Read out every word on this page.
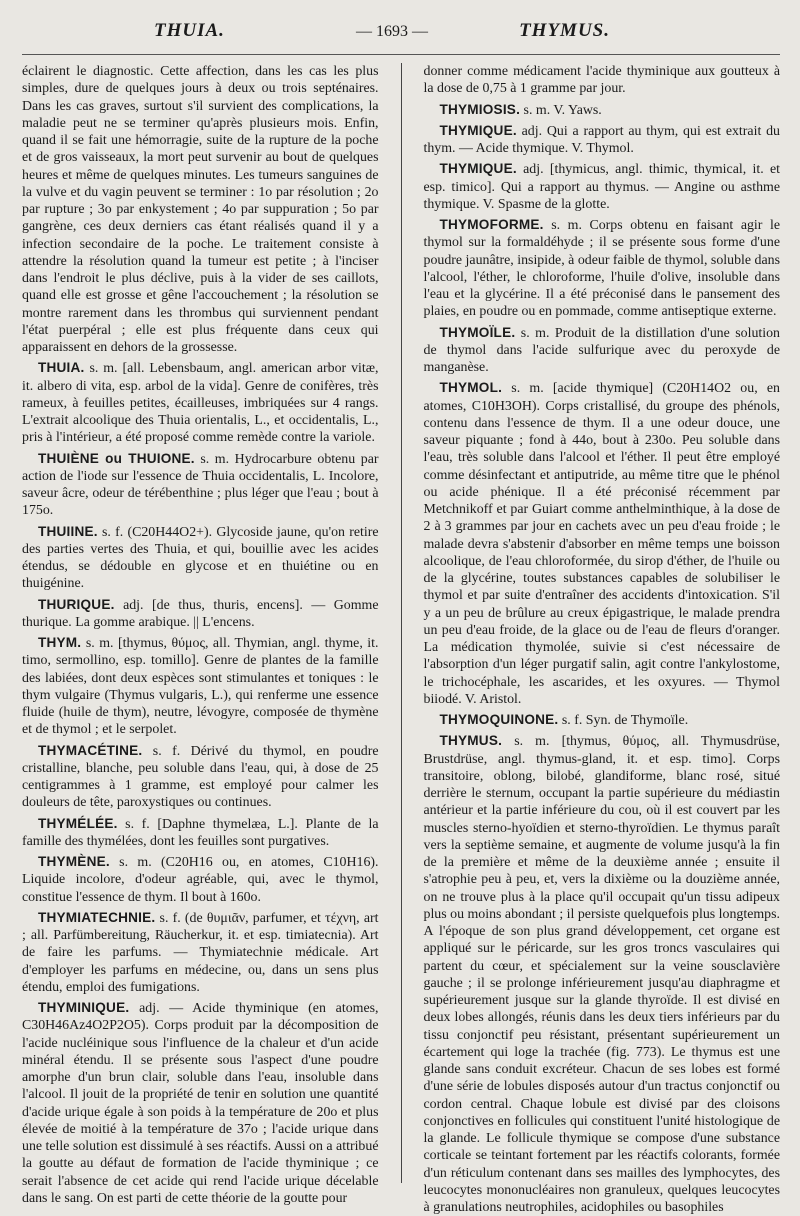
THUIA.	— 1693 —	THYMUS.

éclairent le diagnostic. Cette affection, dans les cas les plus simples, dure de quelques jours à deux ou trois septénaires. Dans les cas graves, surtout s'il survient des complications, la maladie peut ne se terminer qu'après plusieurs mois. Enfin, quand il se fait une hémorragie, suite de la rupture de la poche et de gros vaisseaux, la mort peut survenir au bout de quelques heures et même de quelques minutes. Les tumeurs sanguines de la vulve et du vagin peuvent se terminer : 1o par résolution ; 2o par rupture ; 3o par enkystement ; 4o par suppuration ; 5o par gangrène, ces deux derniers cas étant réalisés quand il y a infection secondaire de la poche. Le traitement consiste à attendre la résolution quand la tumeur est petite ; à l'inciser dans l'endroit le plus déclive, puis à la vider de ses caillots, quand elle est grosse et gêne l'accouchement ; la résolution se montre rarement dans les thrombus qui surviennent pendant l'état puerpéral ; elle est plus fréquente dans ceux qui apparaissent en dehors de la grossesse.

THUIA. s. m. [all. Lebensbaum, angl. american arbor vitæ, it. albero di vita, esp. arbol de la vida]. Genre de conifères, très rameux, à feuilles petites, écailleuses, imbriquées sur 4 rangs. L'extrait alcoolique des Thuia orientalis, L., et occidentalis, L., pris à l'intérieur, a été proposé comme remède contre la variole.

THUIÈNE ou THUIONE. s. m. Hydrocarbure obtenu par action de l'iode sur l'essence de Thuia occidentalis, L. Incolore, saveur âcre, odeur de térébenthine ; plus léger que l'eau ; bout à 175o.

THUIINE. s. f. (C20H44O2+). Glycoside jaune, qu'on retire des parties vertes des Thuia, et qui, bouillie avec les acides étendus, se dédouble en glycose et en thuiétine ou en thuigénine.

THURIQUE. adj. [de thus, thuris, encens]. — Gomme thurique. La gomme arabique. || L'encens.

THYM. s. m. [thymus, θύμος, all. Thymian, angl. thyme, it. timo, sermollino, esp. tomillo]. Genre de plantes de la famille des labiées, dont deux espèces sont stimulantes et toniques : le thym vulgaire (Thymus vulgaris, L.), qui renferme une essence fluide (huile de thym), neutre, lévogyre, composée de thymène et de thymol ; et le serpolet.

THYMACÉTINE. s. f. Dérivé du thymol, en poudre cristalline, blanche, peu soluble dans l'eau, qui, à dose de 25 centigrammes à 1 gramme, est employé pour calmer les douleurs de tête, paroxystiques ou continues.

THYMÉLÉE. s. f. [Daphne thymelæa, L.]. Plante de la famille des thymélées, dont les feuilles sont purgatives.

THYMÈNE. s. m. (C20H16 ou, en atomes, C10H16). Liquide incolore, d'odeur agréable, qui, avec le thymol, constitue l'essence de thym. Il bout à 160o.

THYMIATECHNIE. s. f. (de θυμιᾶν, parfumer, et τέχνη, art ; all. Parfümbereitung, Räucherkur, it. et esp. timiatecnia). Art de faire les parfums. — Thymiatechnie médicale. Art d'employer les parfums en médecine, ou, dans un sens plus étendu, emploi des fumigations.

THYMINIQUE. adj. — Acide thyminique (en atomes, C30H46Az4O2P2O5). Corps produit par la décomposition de l'acide nucléinique sous l'influence de la chaleur et d'un acide minéral étendu. Il se présente sous l'aspect d'une poudre amorphe d'un brun clair, soluble dans l'eau, insoluble dans l'alcool. Il jouit de la propriété de tenir en solution une quantité d'acide urique égale à son poids à la température de 20o et plus élevée de moitié à la température de 37o ; l'acide urique dans une telle solution est dissimulé à ses réactifs. Aussi on a attribué la goutte au défaut de formation de l'acide thyminique ; ce serait l'absence de cet acide qui rend l'acide urique décelable dans le sang. On est parti de cette théorie de la goutte pour

donner comme médicament l'acide thyminique aux goutteux à la dose de 0,75 à 1 gramme par jour.

THYMIOSIS. s. m. V. Yaws.

THYMIQUE. adj. Qui a rapport au thym, qui est extrait du thym. — Acide thymique. V. Thymol.

THYMIQUE. adj. [thymicus, angl. thimic, thymical, it. et esp. timico]. Qui a rapport au thymus. — Angine ou asthme thymique. V. Spasme de la glotte.

THYMOFORME. s. m. Corps obtenu en faisant agir le thymol sur la formaldéhyde ; il se présente sous forme d'une poudre jaunâtre, insipide, à odeur faible de thymol, soluble dans l'alcool, l'éther, le chloroforme, l'huile d'olive, insoluble dans l'eau et la glycérine. Il a été préconisé dans le pansement des plaies, en poudre ou en pommade, comme antiseptique externe.

THYMOÏLE. s. m. Produit de la distillation d'une solution de thymol dans l'acide sulfurique avec du peroxyde de manganèse.

THYMOL. s. m. [acide thymique] (C20H14O2 ou, en atomes, C10H3OH). Corps cristallisé, du groupe des phénols, contenu dans l'essence de thym. Il a une odeur douce, une saveur piquante ; fond à 44o, bout à 230o. Peu soluble dans l'eau, très soluble dans l'alcool et l'éther. Il peut être employé comme désinfectant et antiputride, au même titre que le phénol ou acide phénique. Il a été préconisé récemment par Metchnikoff et par Guiart comme anthelminthique, à la dose de 2 à 3 grammes par jour en cachets avec un peu d'eau froide ; le malade devra s'abstenir d'absorber en même temps une boisson alcoolique, de l'eau chloroformée, du sirop d'éther, de l'huile ou de la glycérine, toutes substances capables de solubiliser le thymol et par suite d'entraîner des accidents d'intoxication. S'il y a un peu de brûlure au creux épigastrique, le malade prendra un peu d'eau froide, de la glace ou de l'eau de fleurs d'oranger. La médication thymolée, suivie si c'est nécessaire de l'absorption d'un léger purgatif salin, agit contre l'ankylostome, le trichocéphale, les ascarides, et les oxyures. — Thymol biiodé. V. Aristol.

THYMOQUINONE. s. f. Syn. de Thymoïle.

THYMUS. s. m. [thymus, θύμος, all. Thymusdrüse, Brustdrüse, angl. thymus-gland, it. et esp. timo]. Corps transitoire, oblong, bilobé, glandiforme, blanc rosé, situé derrière le sternum, occupant la partie supérieure du médiastin antérieur et la partie inférieure du cou, où il est couvert par les muscles sterno-hyoïdien et sterno-thyroïdien. Le thymus paraît vers la septième semaine, et augmente de volume jusqu'à la fin de la première et même de la deuxième année ; ensuite il s'atrophie peu à peu, et, vers la dixième ou la douzième année, on ne trouve plus à la place qu'il occupait qu'un tissu adipeux plus ou moins abondant ; il persiste quelquefois plus longtemps. A l'époque de son plus grand développement, cet organe est appliqué sur le péricarde, sur les gros troncs vasculaires qui partent du cœur, et spécialement sur la veine sousclavière gauche ; il se prolonge inférieurement jusqu'au diaphragme et supérieurement jusque sur la glande thyroïde. Il est divisé en deux lobes allongés, réunis dans les deux tiers inférieurs par du tissu conjonctif peu résistant, présentant supérieurement un écartement qui loge la trachée (fig. 773). Le thymus est une glande sans conduit excréteur. Chacun de ses lobes est formé d'une série de lobules disposés autour d'un tractus conjonctif ou cordon central. Chaque lobule est divisé par des cloisons conjonctives en follicules qui constituent l'unité histologique de la glande. Le follicule thymique se compose d'une substance corticale se teintant fortement par les réactifs colorants, formée d'un réticulum contenant dans ses mailles des lymphocytes, des leucocytes mononucléaires non granuleux, quelques leucocytes à granulations neutrophiles, acidophiles ou basophiles
